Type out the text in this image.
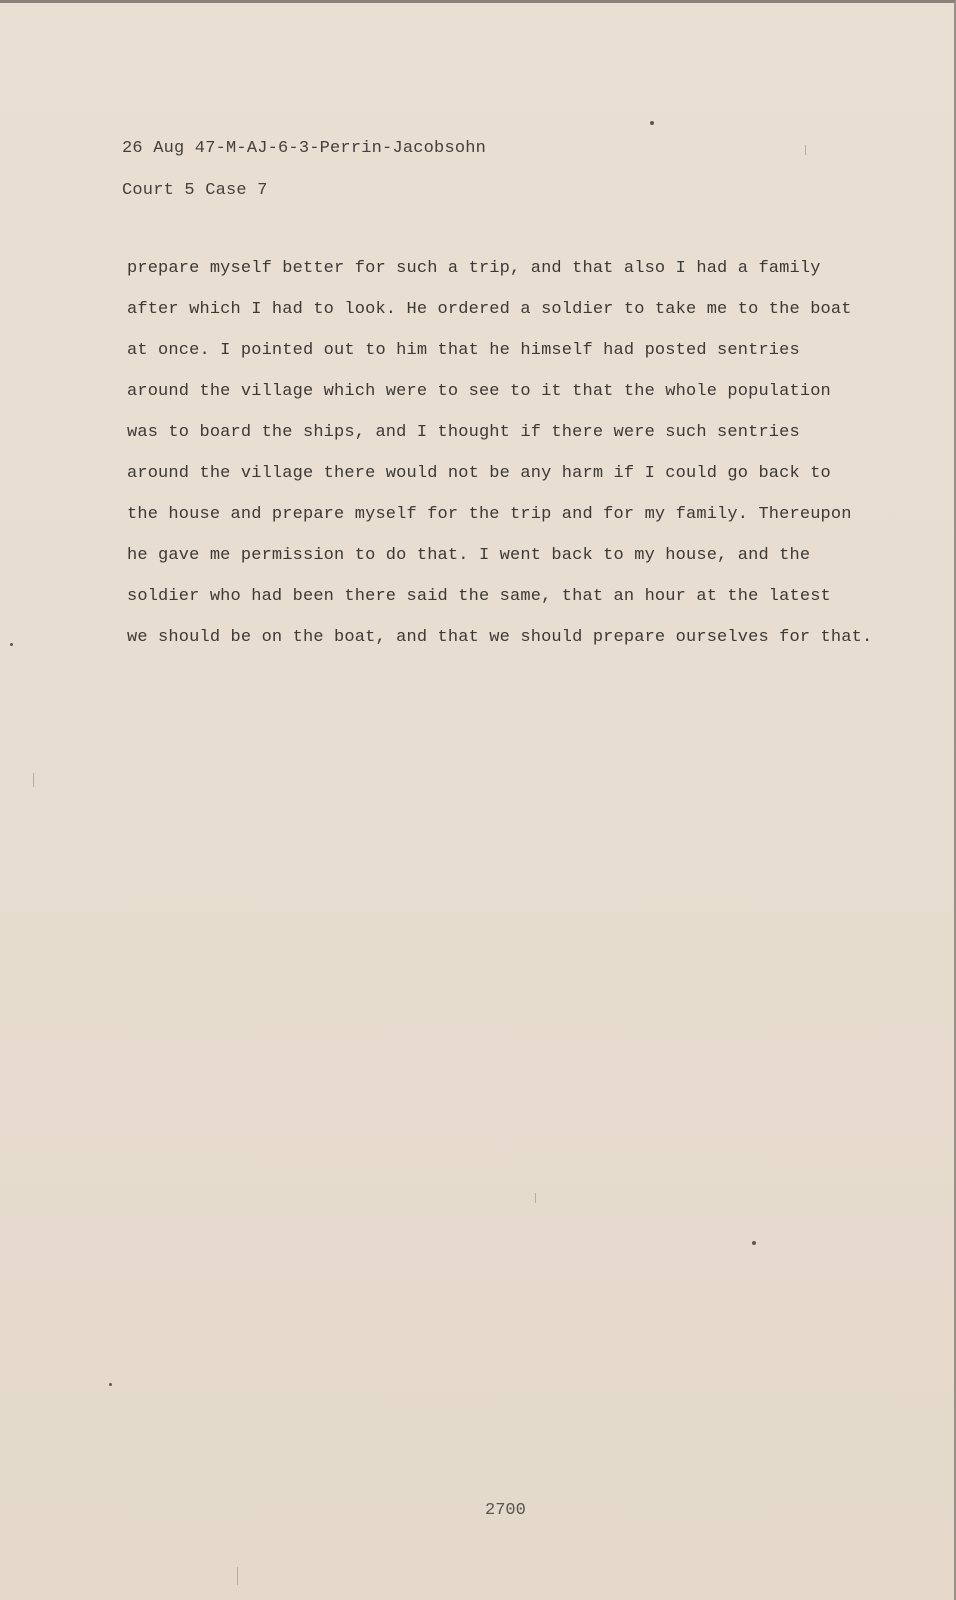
26 Aug 47-M-AJ-6-3-Perrin-Jacobsohn
Court 5 Case 7
prepare myself better for such a trip, and that also I had a family
after which I had to look. He ordered a soldier to take me to the boat
at once. I pointed out to him that he himself had posted sentries
around the village which were to see to it that the whole population
was to board the ships, and I thought if there were such sentries
around the village there would not be any harm if I could go back to
the house and prepare myself for the trip and for my family. Thereupon
he gave me permission to do that. I went back to my house, and the
soldier who had been there said the same, that an hour at the latest
we should be on the boat, and that we should prepare ourselves for that.
2700
